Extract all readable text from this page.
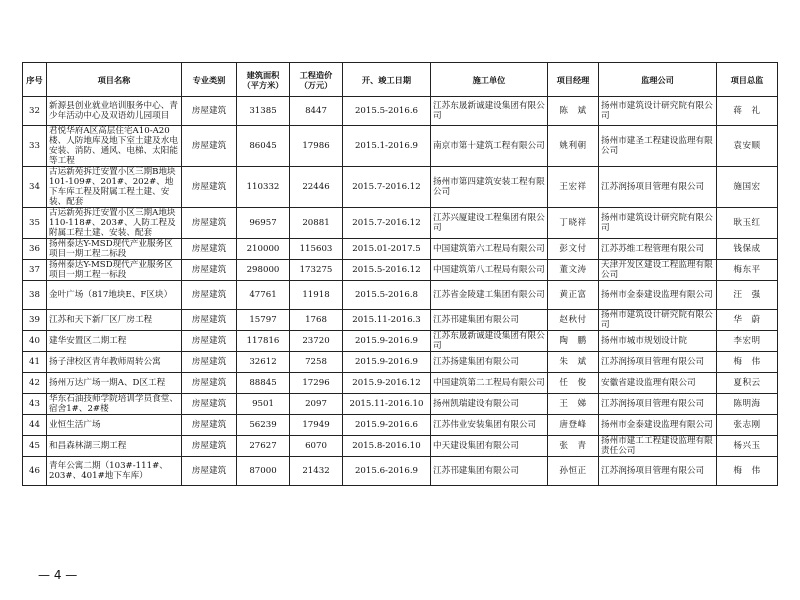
序号	项目名称	专业类别	建筑面积（平方米）	工程造价（万元）	开、竣工日期	施工单位	项目经理	监理公司	项目总监
32	新源县创业就业培训服务中心、青少年活动中心及双语幼儿园项目	房屋建筑	31385	8447	2015.5-2016.6	江苏东晟新诚建设集团有限公司	陈　斌	扬州市建筑设计研究院有限公司	蒋　礼
33	君悦华府A区高层住宅A10-A20楼、人防地库及地下室土建及水电安装、消防、通风、电梯、太阳能等工程	房屋建筑	86045	17986	2015.1-2016.9	南京市第十建筑工程有限公司	姚利朝	扬州市建圣工程建设监理有限公司	袁安顺
34	古运新苑拆迁安置小区三期B地块101-109#、201#、202#、地下车库工程及附属工程土建、安装、配套	房屋建筑	110332	22446	2015.7-2016.12	扬州市第四建筑安装工程有限公司	王宏祥	江苏润扬项目管理有限公司	施国宏
35	古运新苑拆迁安置小区三期A地块110-118#、203#、人防工程及附属工程土建、安装、配套	房屋建筑	96957	20881	2015.7-2016.12	江苏兴厦建设工程集团有限公司	丁晓祥	扬州市建筑设计研究院有限公司	耿玉红
36	扬州泰达Y-MSD现代产业服务区项目一期工程二标段	房屋建筑	210000	115603	2015.01-2017.5	中国建筑第六工程局有限公司	彭文付	江苏苏维工程管理有限公司	钱保成
37	扬州泰达Y-MSD现代产业服务区项目一期工程一标段	房屋建筑	298000	173275	2015.5-2016.12	中国建筑第八工程局有限公司	董文涛	天津开发区建设工程监理有限公司	梅东平
38	金叶广场（817地块E、F区块）	房屋建筑	47761	11918	2015.5-2016.8	江苏省金陵建工集团有限公司	黄正富	扬州市金泰建设监理有限公司	汪　强
39	江苏和天下新厂区厂房工程	房屋建筑	15797	1768	2015.11-2016.3	江苏邗建集团有限公司	赵秋付	扬州市建筑设计研究院有限公司	华　蔚
40	建华安置区二期工程	房屋建筑	117816	23720	2015.9-2016.9	江苏东晟新诚建设集团有限公司	陶　鹏	扬州市城市规划设计院	李宏明
41	扬子津校区青年教师周转公寓	房屋建筑	32612	7258	2015.9-2016.9	江苏扬建集团有限公司	朱　斌	江苏润扬项目管理有限公司	梅　伟
42	扬州万达广场一期A、D区工程	房屋建筑	88845	17296	2015.9-2016.12	中国建筑第二工程局有限公司	任　俊	安徽省建设监理有限公司	夏积云
43	华东石油技师学院培训学员食堂、宿舍1#、2#楼	房屋建筑	9501	2097	2015.11-2016.10	扬州凯瑞建设有限公司	王　娣	江苏润扬项目管理有限公司	陈明海
44	业恒生活广场	房屋建筑	56239	17949	2015.9-2016.6	江苏伟业安装集团有限公司	唐登峰	扬州市金泰建设监理有限公司	张志刚
45	和昌森林湖三期工程	房屋建筑	27627	6070	2015.8-2016.10	中天建设集团有限公司	张　青	扬州市建工工程建设监理有限责任公司	杨兴玉
46	青年公寓二期（103#-111#、203#、401#地下车库）	房屋建筑	87000	21432	2015.6-2016.9	江苏邗建集团有限公司	孙恒正	江苏润扬项目管理有限公司	梅　伟
— 4 —
